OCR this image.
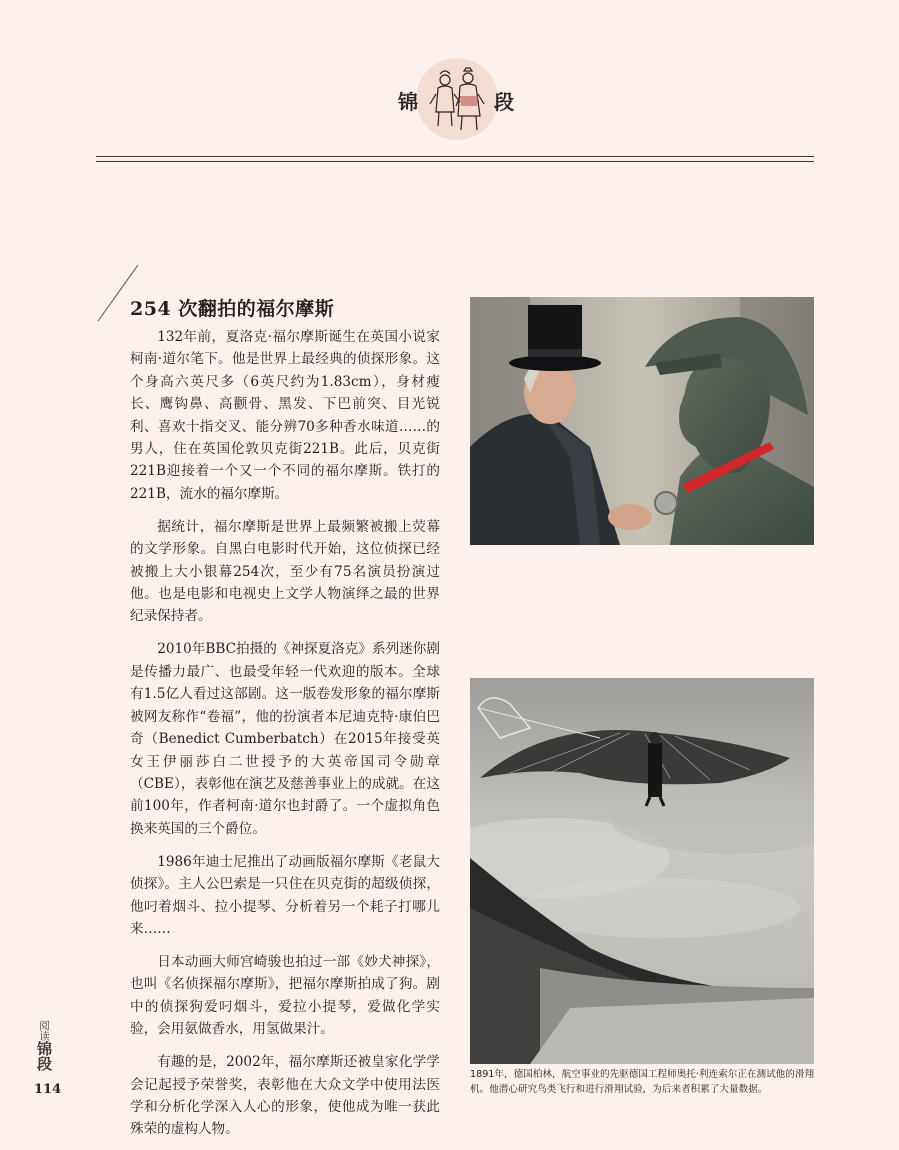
锦	段
254 次翻拍的福尔摩斯

132年前，夏洛克·福尔摩斯诞生在英国小说家柯南·道尔笔下。他是世界上最经典的侦探形象。这个身高六英尺多（6英尺约为1.83cm），身材瘦长、鹰钩鼻、高颧骨、黑发、下巴前突、目光锐利、喜欢十指交叉、能分辨70多种香水味道……的男人，住在英国伦敦贝克街221B。此后，贝克街221B迎接着一个又一个不同的福尔摩斯。铁打的221B，流水的福尔摩斯。

据统计，福尔摩斯是世界上最频繁被搬上荧幕的文学形象。自黑白电影时代开始，这位侦探已经被搬上大小银幕254次，至少有75名演员扮演过他。也是电影和电视史上文学人物演绎之最的世界纪录保持者。

2010年BBC拍摄的《神探夏洛克》系列迷你剧是传播力最广、也最受年轻一代欢迎的版本。全球有1.5亿人看过这部剧。这一版卷发形象的福尔摩斯被网友称作“卷福”，他的扮演者本尼迪克特·康伯巴奇（Benedict Cumberbatch）在2015年接受英女王伊丽莎白二世授予的大英帝国司令勋章（CBE），表彰他在演艺及慈善事业上的成就。在这前100年，作者柯南·道尔也封爵了。一个虚拟角色换来英国的三个爵位。

1986年迪士尼推出了动画版福尔摩斯《老鼠大侦探》。主人公巴索是一只住在贝克街的超级侦探，他叼着烟斗、拉小提琴、分析着另一个耗子打哪儿来……

日本动画大师宫崎骏也拍过一部《妙犬神探》，也叫《名侦探福尔摩斯》，把福尔摩斯拍成了狗。剧中的侦探狗爱叼烟斗，爱拉小提琴，爱做化学实验，会用氨做香水，用氢做果汁。

有趣的是，2002年，福尔摩斯还被皇家化学学会记起授予荣誉奖，表彰他在大众文学中使用法医学和分析化学深入人心的形象，使他成为唯一获此殊荣的虚构人物。

1891年，德国柏林，航空事业的先驱德国工程师奥托·利连索尔正在测试他的滑翔机。他潜心研究鸟类飞行和进行滑翔试验，为后来者积累了大量数据。
阅读锦段
114
